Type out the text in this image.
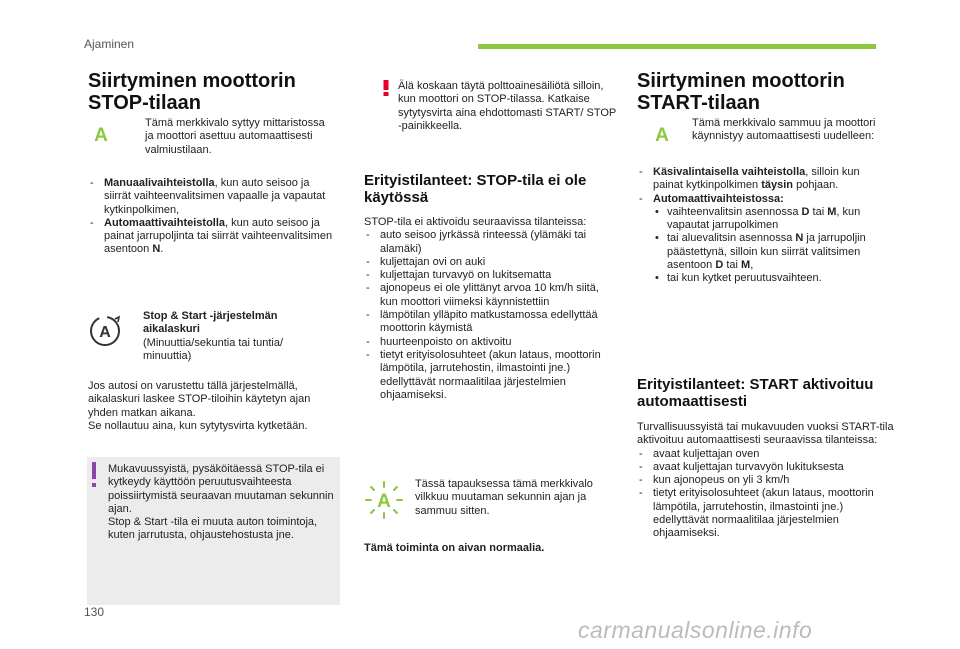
Ajaminen
Siirtyminen moottorin STOP-tilaan
A
Tämä merkkivalo syttyy mittaristossa ja moottori asettuu automaattisesti valmiustilaan.
- Manuaalivaihteistolla, kun auto seisoo ja siirrät vaihteenvalitsimen vapaalle ja vapautat kytkinpolkimen,
- Automaattivaihteistolla, kun auto seisoo ja painat jarrupoljinta tai siirrät vaihteenvalitsimen asentoon N.
A
Stop & Start -järjestelmän aikalaskuri
(Minuuttia/sekuntia tai tuntia/ minuuttia)

Jos autosi on varustettu tällä järjestelmällä, aikalaskuri laskee STOP-tiloihin käytetyn ajan yhden matkan aikana.

Se nollautuu aina, kun sytytysvirta kytketään.

Mukavuussyistä, pysäköitäessä STOP-tila ei kytkeydy käyttöön peruutusvaihteesta poissiirtymistä seuraavan muutaman sekunnin ajan.

Stop & Start -tila ei muuta auton toimintoja, kuten jarrutusta, ohjaustehostusta jne.

Älä koskaan täytä polttoainesäiliötä silloin, kun moottori on STOP-tilassa. Katkaise sytytysvirta aina ehdottomasti START/ STOP -painikkeella.
Erityistilanteet: STOP-tila ei ole käytössä

STOP-tila ei aktivoidu seuraavissa tilanteissa:

- auto seisoo jyrkässä rinteessä (ylämäki tai alamäki)
- kuljettajan ovi on auki
- kuljettajan turvavyö on lukitsematta
- ajonopeus ei ole ylittänyt arvoa 10 km/h siitä, kun moottori viimeksi käynnistettiin
- lämpötilan ylläpito matkustamossa edellyttää moottorin käymistä
- huurteenpoisto on aktivoitu
- tietyt erityisolosuhteet (akun lataus, moottorin lämpötila, jarrutehostin, ilmastointi jne.) edellyttävät normaalitilaa järjestelmien ohjaamiseksi.
A
Tässä tapauksessa tämä merkkivalo vilkkuu muutaman sekunnin ajan ja sammuu sitten.
Tämä toiminta on aivan normaalia.
Siirtyminen moottorin START-tilaan
A
Tämä merkkivalo sammuu ja moottori käynnistyy automaattisesti uudelleen:
- Käsivalintaisella vaihteistolla, silloin kun painat kytkinpolkimen täysin pohjaan.
- Automaattivaihteistossa:
• vaihteenvalitsin asennossa D tai M, kun vapautat jarrupolkimen
• tai aluevalitsin asennossa N ja jarrupoljin päästettynä, silloin kun siirrät valitsimen asentoon D tai M,
• tai kun kytket peruutusvaihteen.
Erityistilanteet: START aktivoituu automaattisesti

Turvallisuussyistä tai mukavuuden vuoksi START-tila aktivoituu automaattisesti seuraavissa tilanteissa:

- avaat kuljettajan oven
- avaat kuljettajan turvavyön lukituksesta
- kun ajonopeus on yli 3 km/h
- tietyt erityisolosuhteet (akun lataus, moottorin lämpötila, jarrutehostin, ilmastointi jne.) edellyttävät normaalitilaa järjestelmien ohjaamiseksi.
130
carmanualsonline.info
